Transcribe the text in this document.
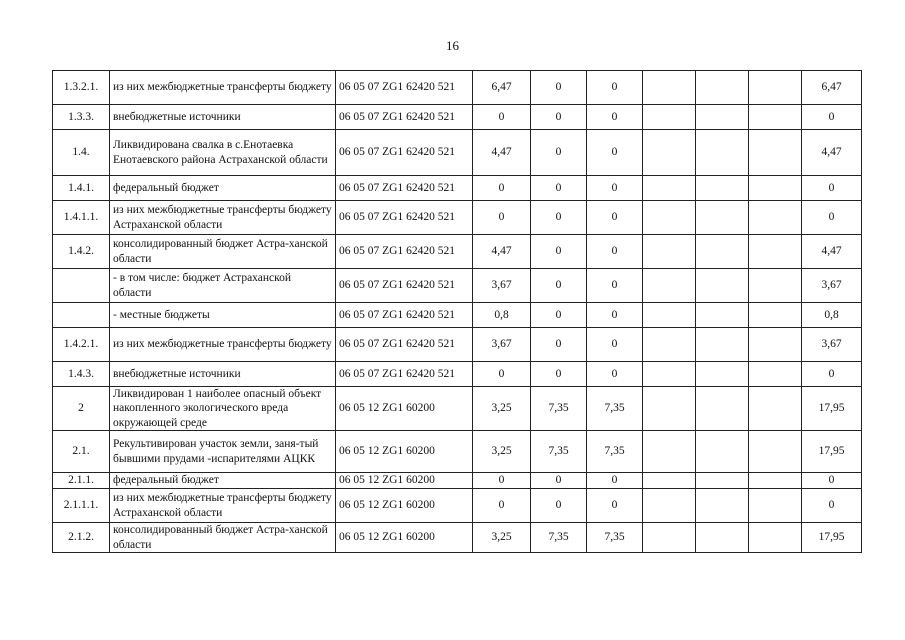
16
1.3.2.1.	из них межбюджетные трансферты бюджету	06 05 07 ZG1 62420 521	6,47	0	0				6,47
1.3.3.	внебюджетные источники	06 05 07 ZG1 62420 521	0	0	0				0
1.4.	Ликвидирована свалка в с.Енотаевка Енотаевского района Астраханской области	06 05 07 ZG1 62420 521	4,47	0	0				4,47
1.4.1.	федеральный бюджет	06 05 07 ZG1 62420 521	0	0	0				0
1.4.1.1.	из них межбюджетные трансферты бюджету Астраханской области	06 05 07 ZG1 62420 521	0	0	0				0
1.4.2.	консолидированный бюджет Астра-ханской области	06 05 07 ZG1 62420 521	4,47	0	0				4,47
	- в том числе: бюджет Астраханской области	06 05 07 ZG1 62420 521	3,67	0	0				3,67
	- местные бюджеты	06 05 07 ZG1 62420 521	0,8	0	0				0,8
1.4.2.1.	из них межбюджетные трансферты бюджету	06 05 07 ZG1 62420 521	3,67	0	0				3,67
1.4.3.	внебюджетные источники	06 05 07 ZG1 62420 521	0	0	0				0
2	Ликвидирован 1 наиболее опасный объект накопленного экологического вреда окружающей среде	06 05 12 ZG1 60200	3,25	7,35	7,35				17,95
2.1.	Рекультивирован участок земли, заня-тый бывшими прудами -испарителями АЦКК	06 05 12 ZG1 60200	3,25	7,35	7,35				17,95
2.1.1.	федеральный бюджет	06 05 12 ZG1 60200	0	0	0				0
2.1.1.1.	из них межбюджетные трансферты бюджету Астраханской области	06 05 12 ZG1 60200	0	0	0				0
2.1.2.	консолидированный бюджет Астра-ханской области	06 05 12 ZG1 60200	3,25	7,35	7,35				17,95
